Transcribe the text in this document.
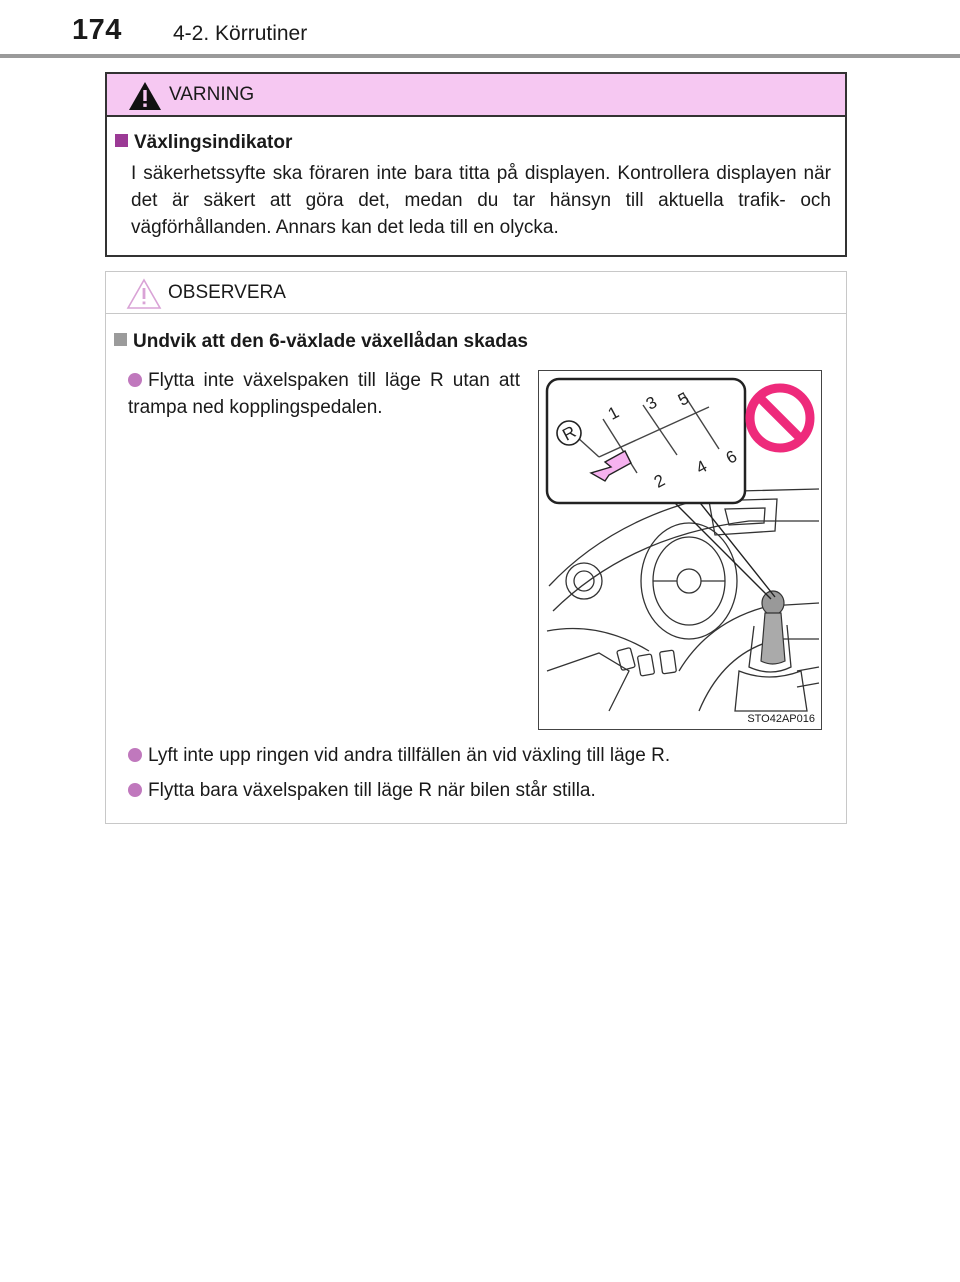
174 4-2. Körrutiner
VARNING
Växlingsindikator
I säkerhetssyfte ska föraren inte bara titta på displayen. Kontrollera displayen när det är säkert att göra det, medan du tar hänsyn till aktuella trafik- och vägförhållanden. Annars kan det leda till en olycka.
OBSERVERA
Undvik att den 6-växlade växellådan skadas
Flytta inte växelspaken till läge R utan att trampa ned kopplingspedalen.
R
1
2
3
4
5
6
STO42AP016
Lyft inte upp ringen vid andra tillfällen än vid växling till läge R.
Flytta bara växelspaken till läge R när bilen står stilla.
